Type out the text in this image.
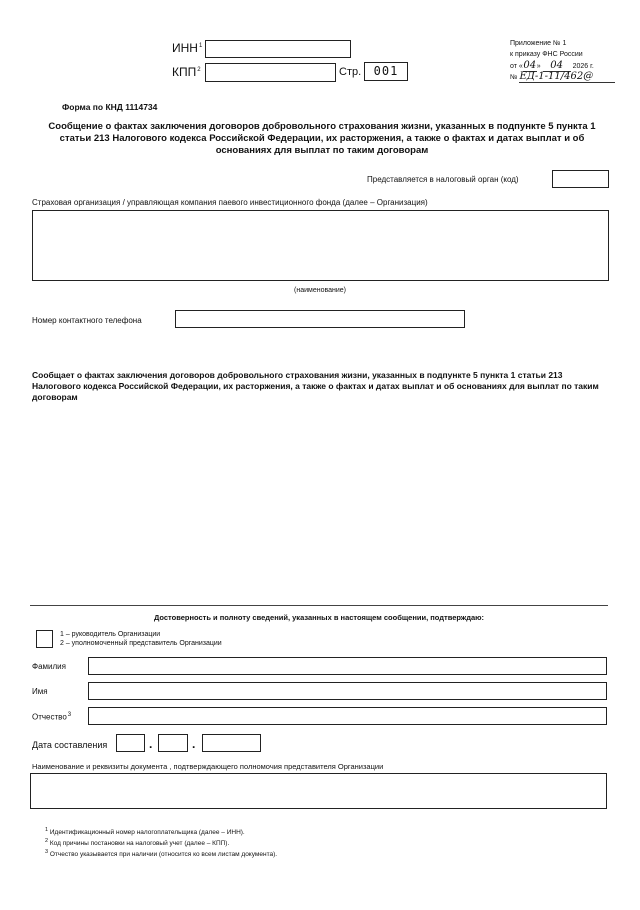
ИНН$^1$
КПП$^2$	Стр.	001
Приложение № 1
к приказу ФНС России
от «04» 04 2026 г.
№ ЕД-1-11/462@
Форма по КНД 1114734
Сообщение о фактах заключения договоров добровольного страхования жизни, указанных в подпункте 5 пункта 1 статьи 213 Налогового кодекса Российской Федерации, их расторжения, а также о фактах и датах выплат и об основаниях для выплат по таким договорам
Представляется в налоговый орган (код)
Страховая организация / управляющая компания паевого инвестиционного фонда (далее – Организация)
(наименование)
Номер контактного телефона
Сообщает о фактах заключения договоров добровольного страхования жизни, указанных в подпункте 5 пункта 1 статьи 213 Налогового кодекса Российской Федерации, их расторжения, а также о фактах и датах выплат и об основаниях для выплат по таким договорам
Достоверность и полноту сведений, указанных в настоящем сообщении, подтверждаю:
1 – руководитель Организации
2 – уполномоченный представитель Организации
Фамилия
Имя
Отчество$^3$
Дата составления	.	.
Наименование и реквизиты документа , подтверждающего полномочия представителя Организации
$^1$ Идентификационный номер налогоплательщика (далее – ИНН).
$^2$ Код причины постановки на налоговый учет (далее – КПП).
$^3$ Отчество указывается при наличии (относится ко всем листам документа).
